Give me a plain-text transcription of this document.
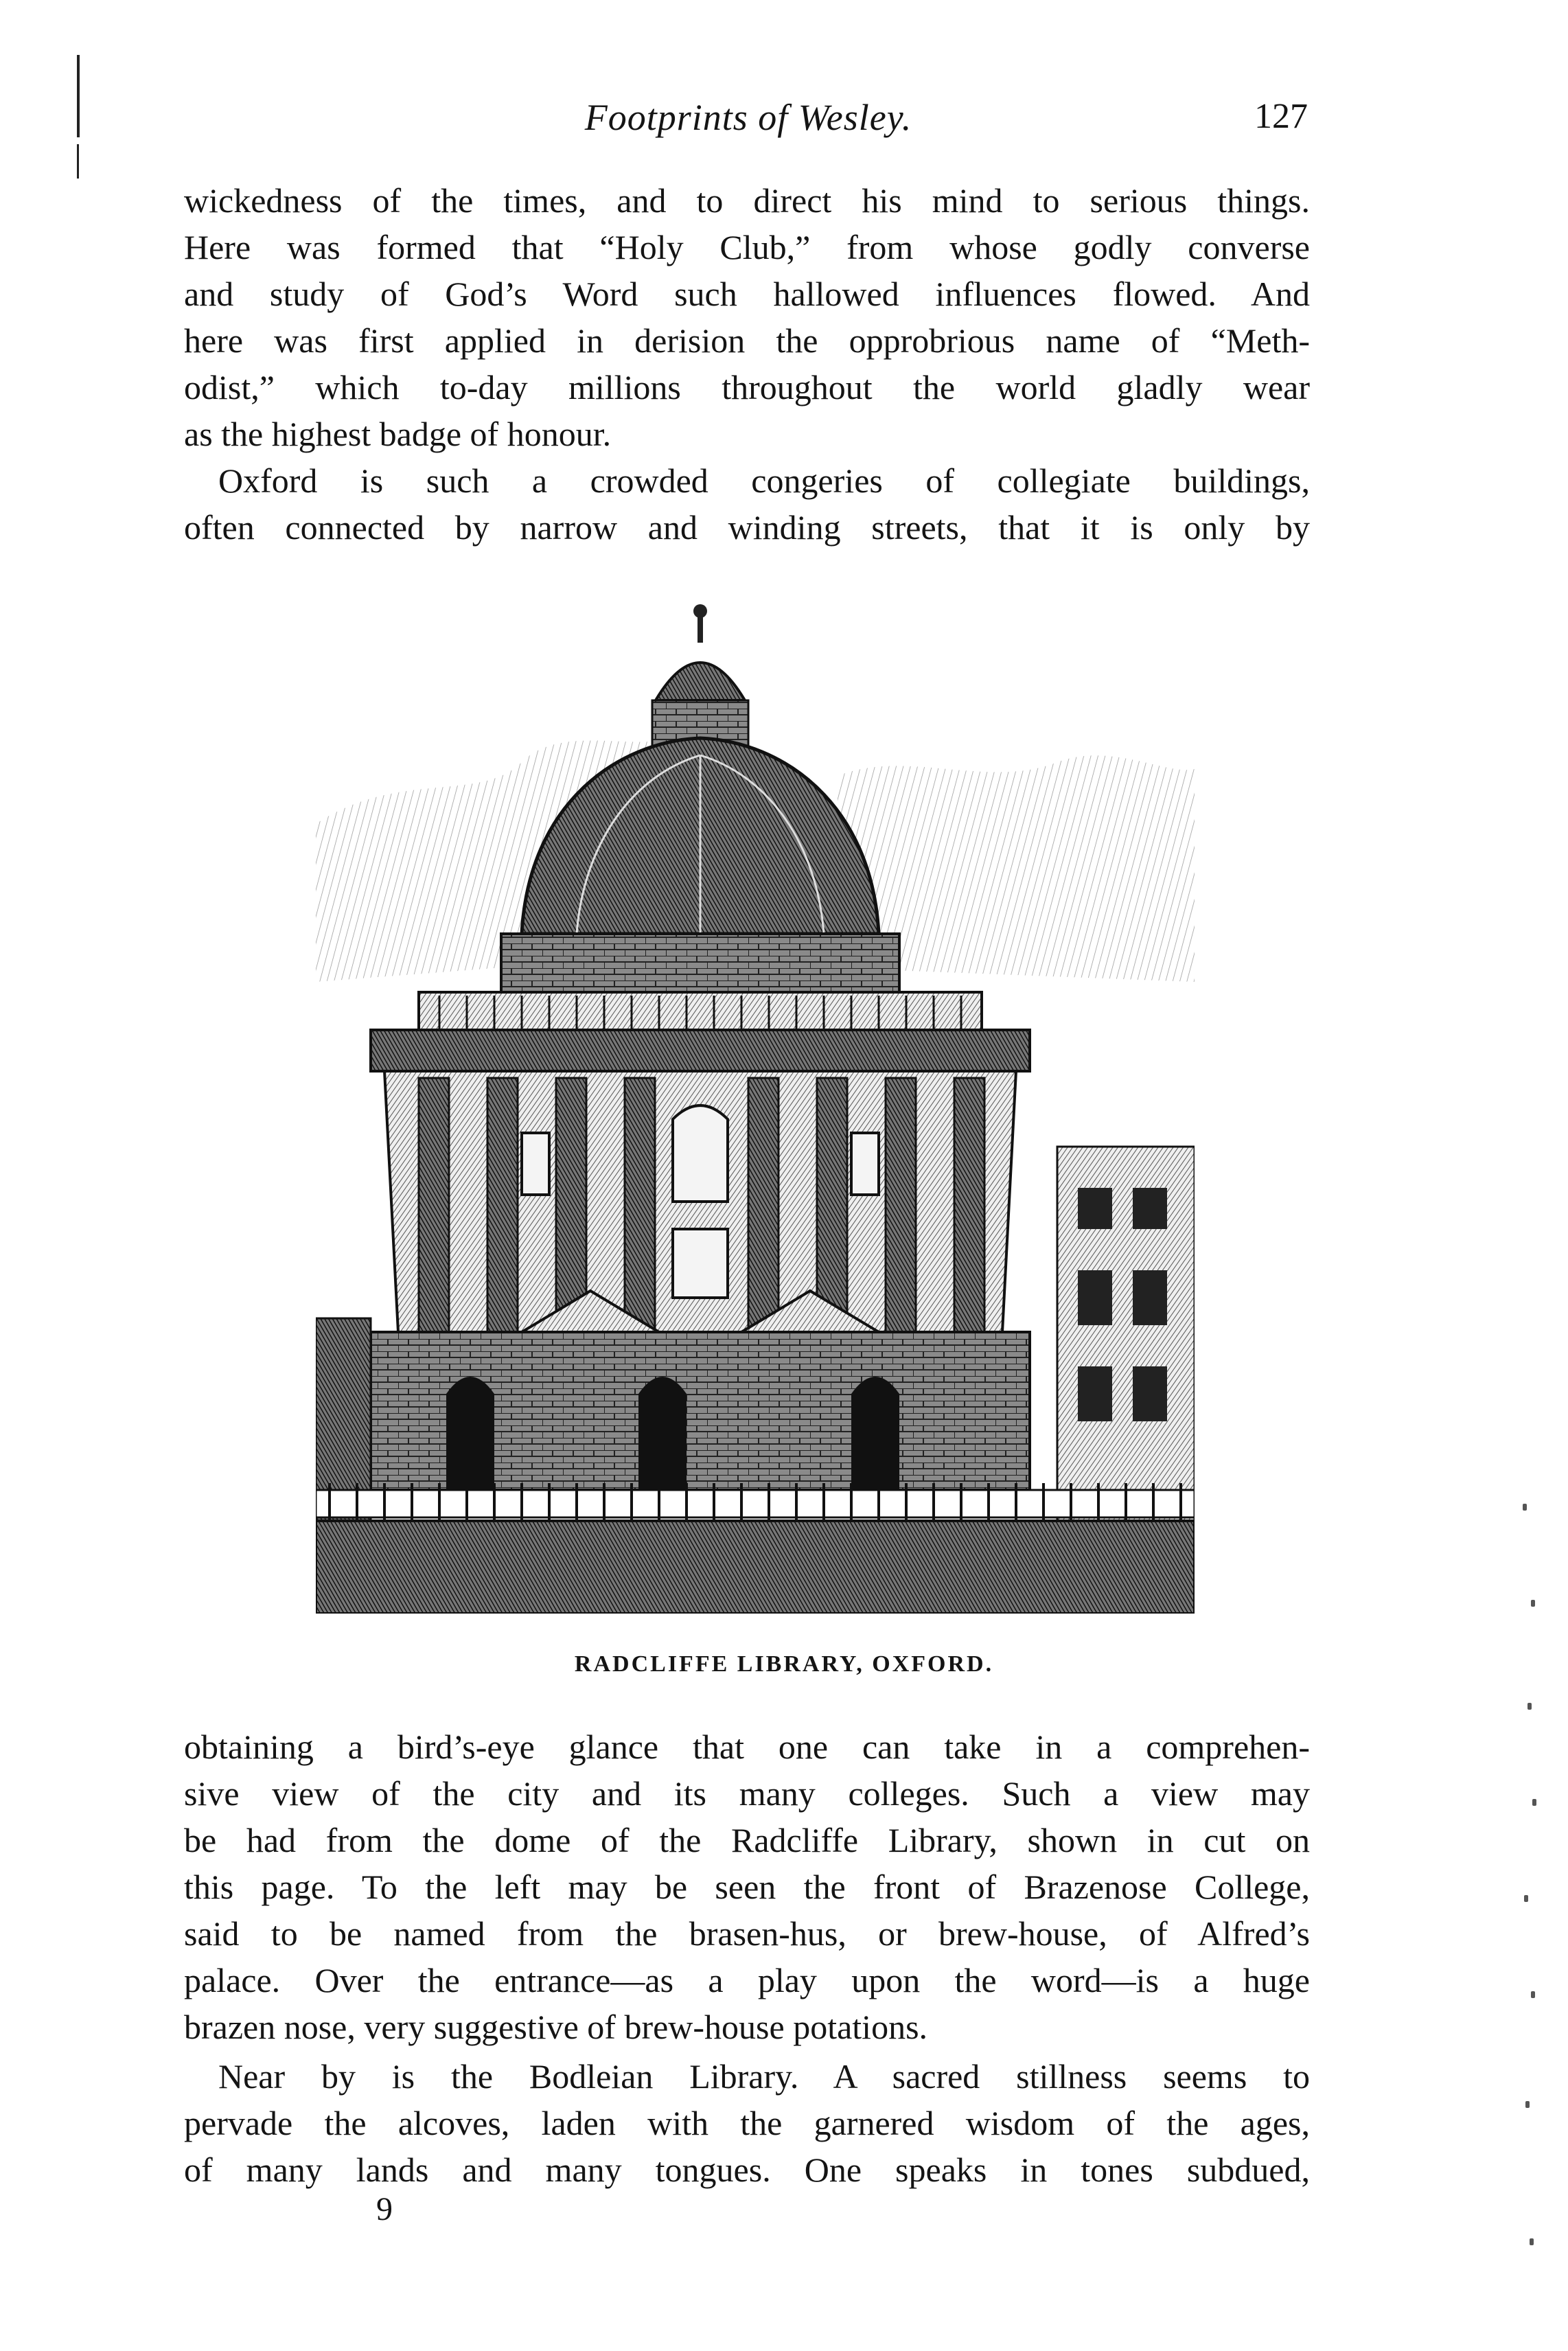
Footprints of Wesley.	127

wickedness of the times, and to direct his mind to serious things.
Here was formed that “Holy Club,” from whose godly converse
and study of God’s Word such hallowed influences flowed. And
here was first applied in derision the opprobrious name of “Meth-
odist,” which to-day millions throughout the world gladly wear
as the highest badge of honour.

Oxford is such a crowded congeries of collegiate buildings,
often connected by narrow and winding streets, that it is only by

RADCLIFFE LIBRARY, OXFORD.

obtaining a bird’s-eye glance that one can take in a comprehen-
sive view of the city and its many colleges. Such a view may
be had from the dome of the Radcliffe Library, shown in cut on
this page. To the left may be seen the front of Brazenose College,
said to be named from the brasen-hus, or brew-house, of Alfred’s
palace. Over the entrance—as a play upon the word—is a huge
brazen nose, very suggestive of brew-house potations.

Near by is the Bodleian Library. A sacred stillness seems to
pervade the alcoves, laden with the garnered wisdom of the ages,
of many lands and many tongues. One speaks in tones subdued,

9
